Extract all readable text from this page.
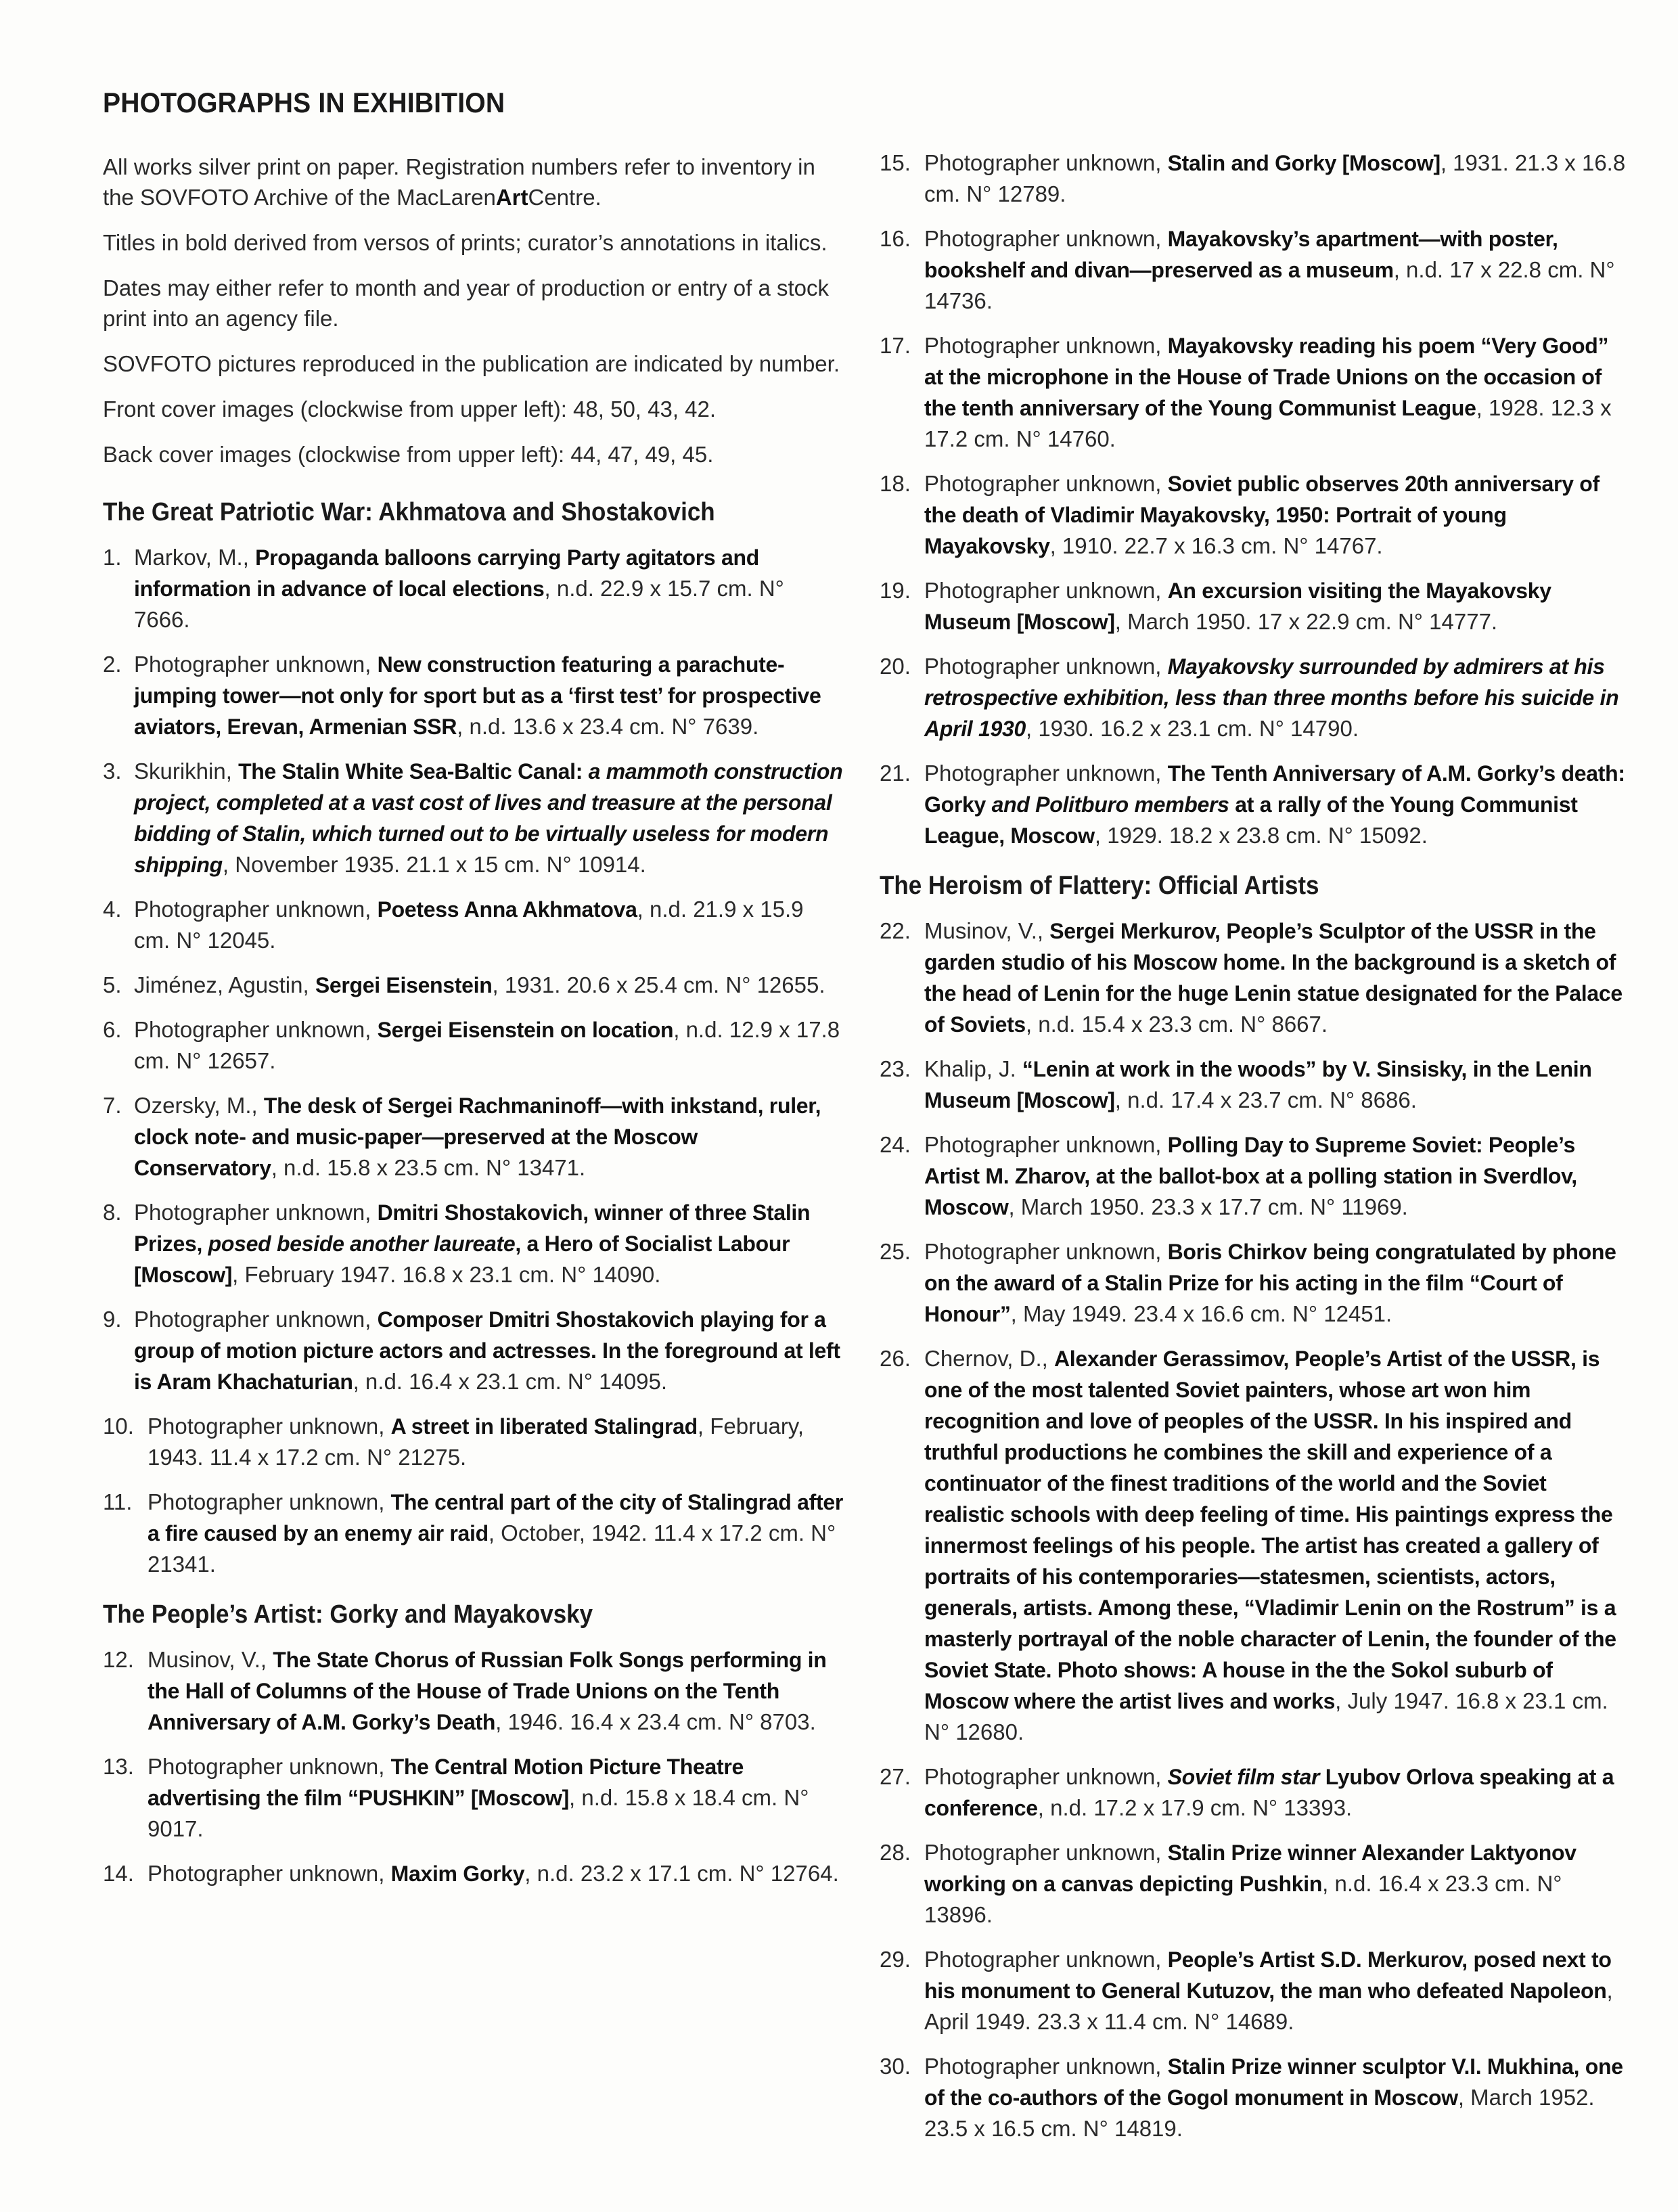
PHOTOGRAPHS IN EXHIBITION

All works silver print on paper. Registration numbers refer to inventory in the SOVFOTO Archive of the MacLarenArtCentre.

Titles in bold derived from versos of prints; curator’s annotations in italics.

Dates may either refer to month and year of production or entry of a stock print into an agency file.

SOVFOTO pictures reproduced in the publication are indicated by number.

Front cover images (clockwise from upper left): 48, 50, 43, 42.

Back cover images (clockwise from upper left): 44, 47, 49, 45.

The Great Patriotic War: Akhmatova and Shostakovich

1. Markov, M., Propaganda balloons carrying Party agitators and information in advance of local elections, n.d. 22.9 x 15.7 cm. N° 7666.

2. Photographer unknown, New construction featuring a parachute-jumping tower—not only for sport but as a ‘first test’ for prospective aviators, Erevan, Armenian SSR, n.d. 13.6 x 23.4 cm. N° 7639.

3. Skurikhin, The Stalin White Sea-Baltic Canal: a mammoth construction project, completed at a vast cost of lives and treasure at the personal bidding of Stalin, which turned out to be virtually useless for modern shipping, November 1935. 21.1 x 15 cm. N° 10914.

4. Photographer unknown, Poetess Anna Akhmatova, n.d. 21.9 x 15.9 cm. N° 12045.

5. Jiménez, Agustin, Sergei Eisenstein, 1931. 20.6 x 25.4 cm. N° 12655.

6. Photographer unknown, Sergei Eisenstein on location, n.d. 12.9 x 17.8 cm. N° 12657.

7. Ozersky, M., The desk of Sergei Rachmaninoff—with inkstand, ruler, clock note- and music-paper—preserved at the Moscow Conservatory, n.d. 15.8 x 23.5 cm. N° 13471.

8. Photographer unknown, Dmitri Shostakovich, winner of three Stalin Prizes, posed beside another laureate, a Hero of Socialist Labour [Moscow], February 1947. 16.8 x 23.1 cm. N° 14090.

9. Photographer unknown, Composer Dmitri Shostakovich playing for a group of motion picture actors and actresses. In the foreground at left is Aram Khachaturian, n.d. 16.4 x 23.1 cm. N° 14095.

10. Photographer unknown, A street in liberated Stalingrad, February, 1943. 11.4 x 17.2 cm. N° 21275.

11. Photographer unknown, The central part of the city of Stalingrad after a fire caused by an enemy air raid, October, 1942. 11.4 x 17.2 cm. N° 21341.

The People’s Artist: Gorky and Mayakovsky

12. Musinov, V., The State Chorus of Russian Folk Songs performing in the Hall of Columns of the House of Trade Unions on the Tenth Anniversary of A.M. Gorky’s Death, 1946. 16.4 x 23.4 cm. N° 8703.

13. Photographer unknown, The Central Motion Picture Theatre advertising the film “PUSHKIN” [Moscow], n.d. 15.8 x 18.4 cm. N° 9017.

14. Photographer unknown, Maxim Gorky, n.d. 23.2 x 17.1 cm. N° 12764.

15. Photographer unknown, Stalin and Gorky [Moscow], 1931. 21.3 x 16.8 cm. N° 12789.

16. Photographer unknown, Mayakovsky’s apartment—with poster, bookshelf and divan—preserved as a museum, n.d. 17 x 22.8 cm. N° 14736.

17. Photographer unknown, Mayakovsky reading his poem “Very Good” at the microphone in the House of Trade Unions on the occasion of the tenth anniversary of the Young Communist League, 1928. 12.3 x 17.2 cm. N° 14760.

18. Photographer unknown, Soviet public observes 20th anniversary of the death of Vladimir Mayakovsky, 1950: Portrait of young Mayakovsky, 1910. 22.7 x 16.3 cm. N° 14767.

19. Photographer unknown, An excursion visiting the Mayakovsky Museum [Moscow], March 1950. 17 x 22.9 cm. N° 14777.

20. Photographer unknown, Mayakovsky surrounded by admirers at his retrospective exhibition, less than three months before his suicide in April 1930, 1930. 16.2 x 23.1 cm. N° 14790.

21. Photographer unknown, The Tenth Anniversary of A.M. Gorky’s death: Gorky and Politburo members at a rally of the Young Communist League, Moscow, 1929. 18.2 x 23.8 cm. N° 15092.

The Heroism of Flattery: Official Artists

22. Musinov, V., Sergei Merkurov, People’s Sculptor of the USSR in the garden studio of his Moscow home. In the background is a sketch of the head of Lenin for the huge Lenin statue designated for the Palace of Soviets, n.d. 15.4 x 23.3 cm. N° 8667.

23. Khalip, J. “Lenin at work in the woods” by V. Sinsisky, in the Lenin Museum [Moscow], n.d. 17.4 x 23.7 cm. N° 8686.

24. Photographer unknown, Polling Day to Supreme Soviet: People’s Artist M. Zharov, at the ballot-box at a polling station in Sverdlov, Moscow, March 1950. 23.3 x 17.7 cm. N° 11969.

25. Photographer unknown, Boris Chirkov being congratulated by phone on the award of a Stalin Prize for his acting in the film “Court of Honour”, May 1949. 23.4 x 16.6 cm. N° 12451.

26. Chernov, D., Alexander Gerassimov, People’s Artist of the USSR, is one of the most talented Soviet painters, whose art won him recognition and love of peoples of the USSR. In his inspired and truthful productions he combines the skill and experience of a continuator of the finest traditions of the world and the Soviet realistic schools with deep feeling of time. His paintings express the innermost feelings of his people. The artist has created a gallery of portraits of his contemporaries—statesmen, scientists, actors, generals, artists. Among these, “Vladimir Lenin on the Rostrum” is a masterly portrayal of the noble character of Lenin, the founder of the Soviet State. Photo shows: A house in the the Sokol suburb of Moscow where the artist lives and works, July 1947. 16.8 x 23.1 cm. N° 12680.

27. Photographer unknown, Soviet film star Lyubov Orlova speaking at a conference, n.d. 17.2 x 17.9 cm. N° 13393.

28. Photographer unknown, Stalin Prize winner Alexander Laktyonov working on a canvas depicting Pushkin, n.d. 16.4 x 23.3 cm. N° 13896.

29. Photographer unknown, People’s Artist S.D. Merkurov, posed next to his monument to General Kutuzov, the man who defeated Napoleon, April 1949. 23.3 x 11.4 cm. N° 14689.

30. Photographer unknown, Stalin Prize winner sculptor V.I. Mukhina, one of the co-authors of the Gogol monument in Moscow, March 1952. 23.5 x 16.5 cm. N° 14819.
